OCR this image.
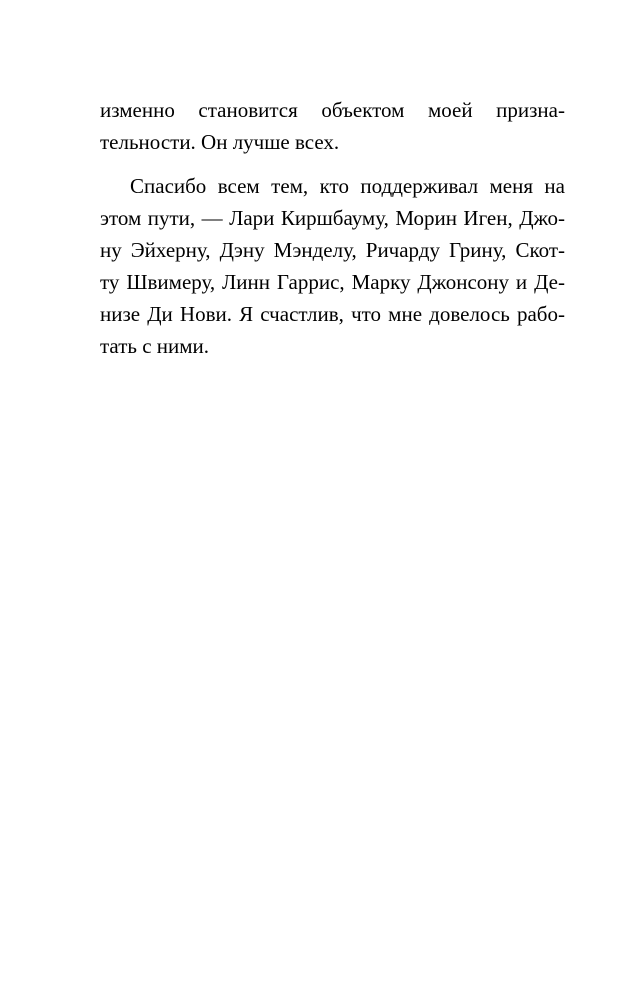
изменно становится объектом моей призна-
тельности. Он лучше всех.
Спасибо всем тем, кто поддерживал меня на
этом пути, — Лари Киршбауму, Морин Иген, Джо-
ну Эйхерну, Дэну Мэнделу, Ричарду Грину, Скот-
ту Швимеру, Линн Гаррис, Марку Джонсону и Де-
низе Ди Нови. Я счастлив, что мне довелось рабо-
тать с ними.
